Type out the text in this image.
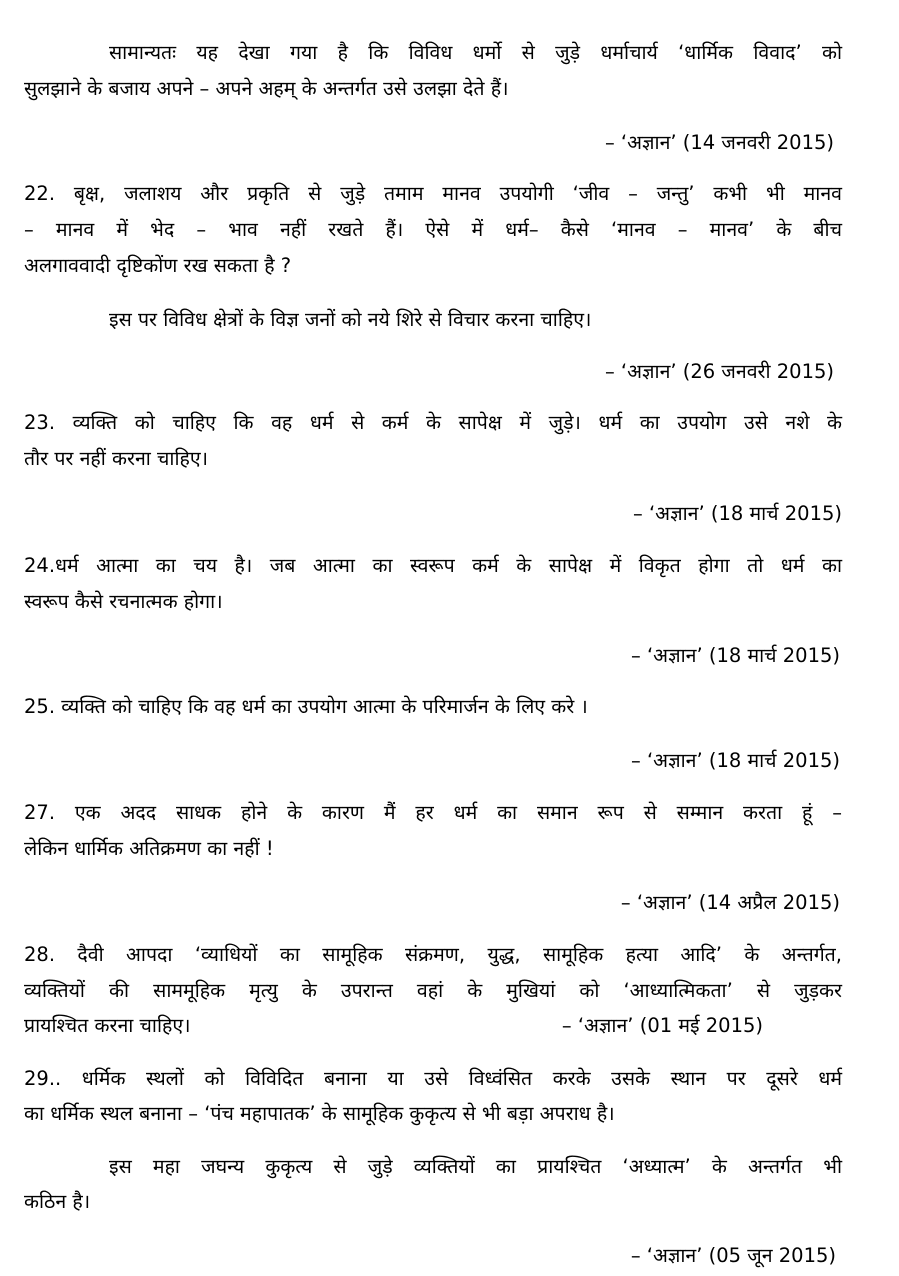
सामान्यतः यह देखा गया है कि विविध धर्मो से जुड़े धर्माचार्य ‘धार्मिक विवाद’ को
सुलझाने के बजाय अपने – अपने अहम् के अन्तर्गत उसे उलझा देते हैं।
– ‘अज्ञान’ (14 जनवरी 2015)
22. बृक्ष, जलाशय और प्रकृति से जुड़े तमाम मानव उपयोगी ‘जीव – जन्तु’ कभी भी मानव
– मानव में भेद – भाव नहीं रखते हैं। ऐसे में धर्म– कैसे ‘मानव – मानव’ के बीच
अलगाववादी दृष्टिकोंण रख सकता है ?
इस पर विविध क्षेत्रों के विज्ञ जनों को नये शिरे से विचार करना चाहिए।
– ‘अज्ञान’ (26 जनवरी 2015)
23. व्यक्ति को चाहिए कि वह धर्म से कर्म के सापेक्ष में जुड़े। धर्म का उपयोग उसे नशे के
तौर पर नहीं करना चाहिए।
– ‘अज्ञान’ (18 मार्च 2015)
24.धर्म आत्मा का चय है। जब आत्मा का स्वरूप कर्म के सापेक्ष में विकृत होगा तो धर्म का
स्वरूप कैसे रचनात्मक होगा।
– ‘अज्ञान’ (18 मार्च 2015)
25. व्यक्ति को चाहिए कि वह धर्म का उपयोग आत्मा के परिमार्जन के लिए करे ।
– ‘अज्ञान’ (18 मार्च 2015)
27. एक अदद साधक होने के कारण मैं हर धर्म का समान रूप से सम्मान करता हूं –
लेकिन धार्मिक अतिक्रमण का नहीं !
– ‘अज्ञान’ (14 अप्रैल 2015)
28. दैवी आपदा ‘व्याधियों का सामूहिक संक्रमण, युद्ध, सामूहिक हत्या आदि’ के अन्तर्गत,
व्यक्तियों की साममूहिक मृत्यु के उपरान्त वहां के मुखियां को ‘आध्यात्मिकता’ से जुड़कर
प्रायश्चित करना चाहिए।	– ‘अज्ञान’ (01 मई 2015)
29.. धर्मिक स्थलों को विविदित बनाना या उसे विध्वंसित करके उसके स्थान पर दूसरे धर्म
का धर्मिक स्थल बनाना – ‘पंच महापातक’ के सामूहिक कुकृत्य से भी बड़ा अपराध है।
इस महा जघन्य कुकृत्य से जुड़े व्यक्तियों का प्रायश्चित ‘अध्यात्म’ के अन्तर्गत भी
कठिन है।
– ‘अज्ञान’ (05 जून 2015)
